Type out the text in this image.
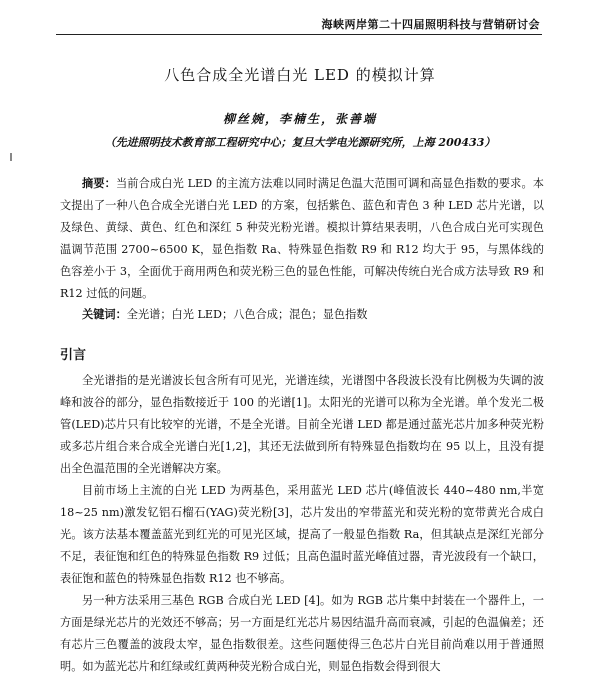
海峡两岸第二十四届照明科技与营销研讨会
八色合成全光谱白光 LED 的模拟计算
柳丝婉，李楠生，张善端
（先进照明技术教育部工程研究中心；复旦大学电光源研究所，上海 200433）
摘要：当前合成白光 LED 的主流方法难以同时满足色温大范围可调和高显色指数的要求。本文提出了一种八色合成全光谱白光 LED 的方案，包括紫色、蓝色和青色 3 种 LED 芯片光谱，以及绿色、黄绿、黄色、红色和深红 5 种荧光粉光谱。模拟计算结果表明，八色合成白光可实现色温调节范围 2700~6500 K，显色指数 Ra、特殊显色指数 R9 和 R12 均大于 95，与黑体线的色容差小于 3，全面优于商用两色和荧光粉三色的显色性能，可解决传统白光合成方法导致 R9 和 R12 过低的问题。
关键词：全光谱；白光 LED；八色合成；混色；显色指数
引言

全光谱指的是光谱波长包含所有可见光，光谱连续，光谱图中各段波长没有比例极为失调的波峰和波谷的部分，显色指数接近于 100 的光谱[1]。太阳光的光谱可以称为全光谱。单个发光二极管(LED)芯片只有比较窄的光谱，不是全光谱。目前全光谱 LED 都是通过蓝光芯片加多种荧光粉或多芯片组合来合成全光谱白光[1,2]，其还无法做到所有特殊显色指数均在 95 以上，且没有提出全色温范围的全光谱解决方案。

目前市场上主流的白光 LED 为两基色，采用蓝光 LED 芯片(峰值波长 440~480 nm,半宽 18~25 nm)激发钇铝石榴石(YAG)荧光粉[3]，芯片发出的窄带蓝光和荧光粉的宽带黄光合成白光。该方法基本覆盖蓝光到红光的可见光区域，提高了一般显色指数 Ra，但其缺点是深红光部分不足，表征饱和红色的特殊显色指数 R9 过低；且高色温时蓝光峰值过器，青光波段有一个缺口，表征饱和蓝色的特殊显色指数 R12 也不够高。

另一种方法采用三基色 RGB 合成白光 LED [4]。如为 RGB 芯片集中封装在一个器件上，一方面是绿光芯片的光效还不够高；另一方面是红光芯片易因结温升高而衰减，引起的色温偏差；还有芯片三色覆盖的波段太窄，显色指数很差。这些问题使得三色芯片白光目前尚难以用于普通照明。如为蓝光芯片和红绿或红黄两种荧光粉合成白光，则显色指数会得到很大
